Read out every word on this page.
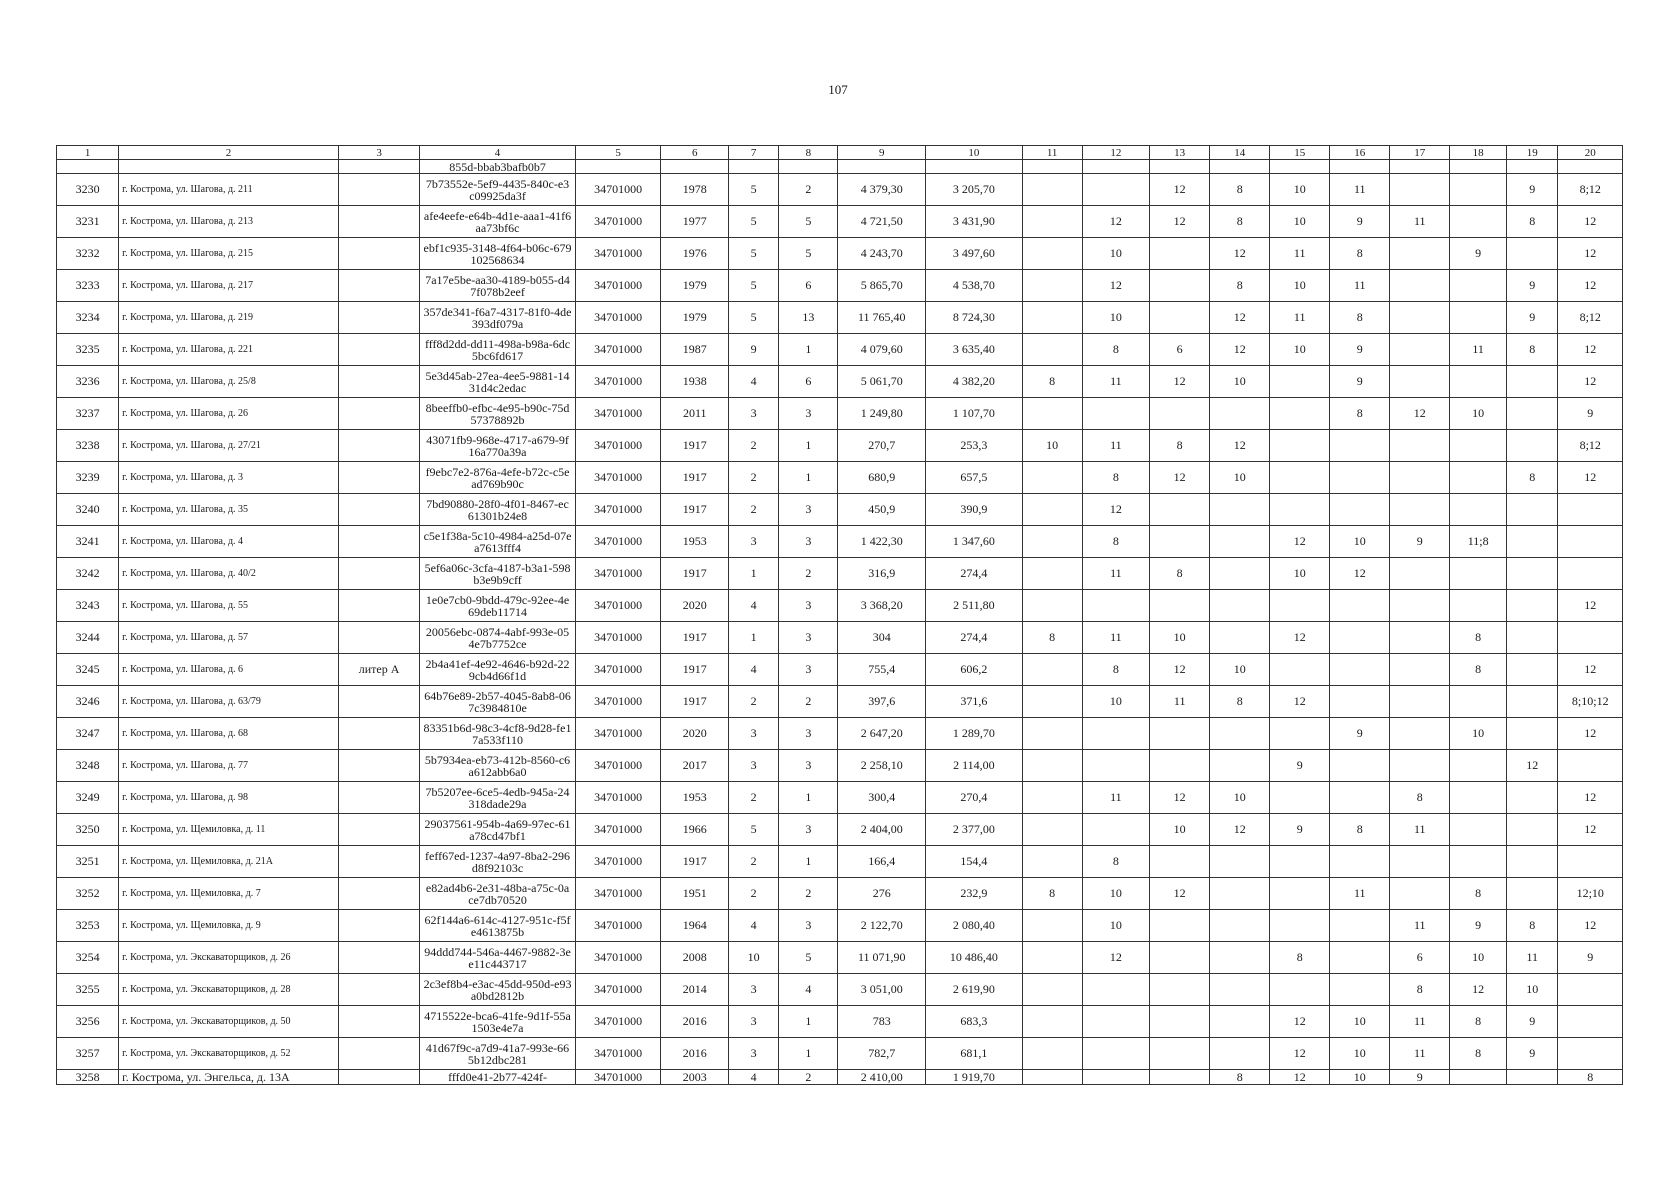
107
1	2	3	4	5	6	7	8	9	10	11	12	13	14	15	16	17	18	19	20
			855d-bbab3bafb0b7																
3230	г. Кострома, ул. Шагова, д. 211		7b73552e-5ef9-4435-840c-e3c09925da3f	34701000	1978	5	2	4 379,30	3 205,70			12	8	10	11			9	8;12
3231	г. Кострома, ул. Шагова, д. 213		afe4eefe-e64b-4d1e-aaa1-41f6aa73bf6c	34701000	1977	5	5	4 721,50	3 431,90		12	12	8	10	9	11		8	12
3232	г. Кострома, ул. Шагова, д. 215		ebf1c935-3148-4f64-b06c-679102568634	34701000	1976	5	5	4 243,70	3 497,60		10		12	11	8		9		12
3233	г. Кострома, ул. Шагова, д. 217		7a17e5be-aa30-4189-b055-d47f078b2eef	34701000	1979	5	6	5 865,70	4 538,70		12		8	10	11			9	12
3234	г. Кострома, ул. Шагова, д. 219		357de341-f6a7-4317-81f0-4de393df079a	34701000	1979	5	13	11 765,40	8 724,30		10		12	11	8			9	8;12
3235	г. Кострома, ул. Шагова, д. 221		fff8d2dd-dd11-498a-b98a-6dc5bc6fd617	34701000	1987	9	1	4 079,60	3 635,40		8	6	12	10	9		11	8	12
3236	г. Кострома, ул. Шагова, д. 25/8		5e3d45ab-27ea-4ee5-9881-1431d4c2edac	34701000	1938	4	6	5 061,70	4 382,20	8	11	12	10		9				12
3237	г. Кострома, ул. Шагова, д. 26		8beeffb0-efbc-4e95-b90c-75d57378892b	34701000	2011	3	3	1 249,80	1 107,70						8	12	10		9
3238	г. Кострома, ул. Шагова, д. 27/21		43071fb9-968e-4717-a679-9f16a770a39a	34701000	1917	2	1	270,7	253,3	10	11	8	12						8;12
3239	г. Кострома, ул. Шагова, д. 3		f9ebc7e2-876a-4efe-b72c-c5ead769b90c	34701000	1917	2	1	680,9	657,5		8	12	10					8	12
3240	г. Кострома, ул. Шагова, д. 35		7bd90880-28f0-4f01-8467-ec61301b24e8	34701000	1917	2	3	450,9	390,9		12								
3241	г. Кострома, ул. Шагова, д. 4		c5e1f38a-5c10-4984-a25d-07ea7613fff4	34701000	1953	3	3	1 422,30	1 347,60		8			12	10	9	11;8		
3242	г. Кострома, ул. Шагова, д. 40/2		5ef6a06c-3cfa-4187-b3a1-598b3e9b9cff	34701000	1917	1	2	316,9	274,4		11	8		10	12				
3243	г. Кострома, ул. Шагова, д. 55		1e0e7cb0-9bdd-479c-92ee-4e69deb11714	34701000	2020	4	3	3 368,20	2 511,80										12
3244	г. Кострома, ул. Шагова, д. 57		20056ebc-0874-4abf-993e-054e7b7752ce	34701000	1917	1	3	304	274,4	8	11	10		12			8		
3245	г. Кострома, ул. Шагова, д. 6	литер А	2b4a41ef-4e92-4646-b92d-229cb4d66f1d	34701000	1917	4	3	755,4	606,2		8	12	10				8		12
3246	г. Кострома, ул. Шагова, д. 63/79		64b76e89-2b57-4045-8ab8-067c3984810e	34701000	1917	2	2	397,6	371,6		10	11	8	12					8;10;12
3247	г. Кострома, ул. Шагова, д. 68		83351b6d-98c3-4cf8-9d28-fe17a533f110	34701000	2020	3	3	2 647,20	1 289,70						9		10		12
3248	г. Кострома, ул. Шагова, д. 77		5b7934ea-eb73-412b-8560-c6a612abb6a0	34701000	2017	3	3	2 258,10	2 114,00					9				12	
3249	г. Кострома, ул. Шагова, д. 98		7b5207ee-6ce5-4edb-945a-24318dade29a	34701000	1953	2	1	300,4	270,4		11	12	10			8			12
3250	г. Кострома, ул. Щемиловка, д. 11		29037561-954b-4a69-97ec-61a78cd47bf1	34701000	1966	5	3	2 404,00	2 377,00			10	12	9	8	11			12
3251	г. Кострома, ул. Щемиловка, д. 21А		feff67ed-1237-4a97-8ba2-296d8f92103c	34701000	1917	2	1	166,4	154,4		8								
3252	г. Кострома, ул. Щемиловка, д. 7		e82ad4b6-2e31-48ba-a75c-0ace7db70520	34701000	1951	2	2	276	232,9	8	10	12			11		8		12;10
3253	г. Кострома, ул. Щемиловка, д. 9		62f144a6-614c-4127-951c-f5fe4613875b	34701000	1964	4	3	2 122,70	2 080,40		10					11	9	8	12
3254	г. Кострома, ул. Экскаваторщиков, д. 26		94ddd744-546a-4467-9882-3ee11c443717	34701000	2008	10	5	11 071,90	10 486,40		12			8		6	10	11	9
3255	г. Кострома, ул. Экскаваторщиков, д. 28		2c3ef8b4-e3ac-45dd-950d-e93a0bd2812b	34701000	2014	3	4	3 051,00	2 619,90							8	12	10	
3256	г. Кострома, ул. Экскаваторщиков, д. 50		4715522e-bca6-41fe-9d1f-55a1503e4e7a	34701000	2016	3	1	783	683,3					12	10	11	8	9	
3257	г. Кострома, ул. Экскаваторщиков, д. 52		41d67f9c-a7d9-41a7-993e-665b12dbc281	34701000	2016	3	1	782,7	681,1					12	10	11	8	9	
3258	г. Кострома, ул. Энгельса, д. 13А		fffd0e41-2b77-424f-	34701000	2003	4	2	2 410,00	1 919,70				8	12	10	9			8
